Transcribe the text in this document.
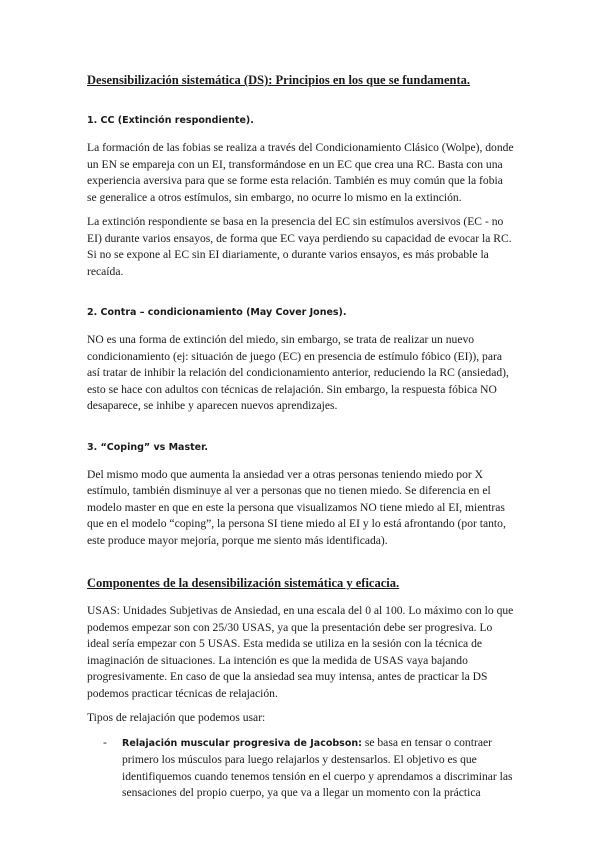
Desensibilización sistemática (DS): Principios en los que se fundamenta.
1. CC (Extinción respondiente).

La formación de las fobias se realiza a través del Condicionamiento Clásico (Wolpe), donde un EN se empareja con un EI, transformándose en un EC que crea una RC. Basta con una experiencia aversiva para que se forme esta relación. También es muy común que la fobia se generalice a otros estímulos, sin embargo, no ocurre lo mismo en la extinción.

La extinción respondiente se basa en la presencia del EC sin estímulos aversivos (EC - no EI) durante varios ensayos, de forma que EC vaya perdiendo su capacidad de evocar la RC. Si no se expone al EC sin EI diariamente, o durante varios ensayos, es más probable la recaída.

2. Contra – condicionamiento (May Cover Jones).

NO es una forma de extinción del miedo, sin embargo, se trata de realizar un nuevo condicionamiento (ej: situación de juego (EC) en presencia de estímulo fóbico (EI)), para así tratar de inhibir la relación del condicionamiento anterior, reduciendo la RC (ansiedad), esto se hace con adultos con técnicas de relajación. Sin embargo, la respuesta fóbica NO desaparece, se inhibe y aparecen nuevos aprendizajes.

3. “Coping” vs Master.

Del mismo modo que aumenta la ansiedad ver a otras personas teniendo miedo por X estímulo, también disminuye al ver a personas que no tienen miedo. Se diferencia en el modelo master en que en este la persona que visualizamos NO tiene miedo al EI, mientras que en el modelo “coping”, la persona SI tiene miedo al EI y lo está afrontando (por tanto, este produce mayor mejoría, porque me siento más identificada).

Componentes de la desensibilización sistemática y eficacia.

USAS: Unidades Subjetivas de Ansiedad, en una escala del 0 al 100. Lo máximo con lo que podemos empezar son con 25/30 USAS, ya que la presentación debe ser progresiva. Lo ideal sería empezar con 5 USAS. Esta medida se utiliza en la sesión con la técnica de imaginación de situaciones. La intención es que la medida de USAS vaya bajando progresivamente. En caso de que la ansiedad sea muy intensa, antes de practicar la DS podemos practicar técnicas de relajación.

Tipos de relajación que podemos usar:

- Relajación muscular progresiva de Jacobson: se basa en tensar o contraer primero los músculos para luego relajarlos y destensarlos. El objetivo es que identifiquemos cuando tenemos tensión en el cuerpo y aprendamos a discriminar las sensaciones del propio cuerpo, ya que va a llegar un momento con la práctica
